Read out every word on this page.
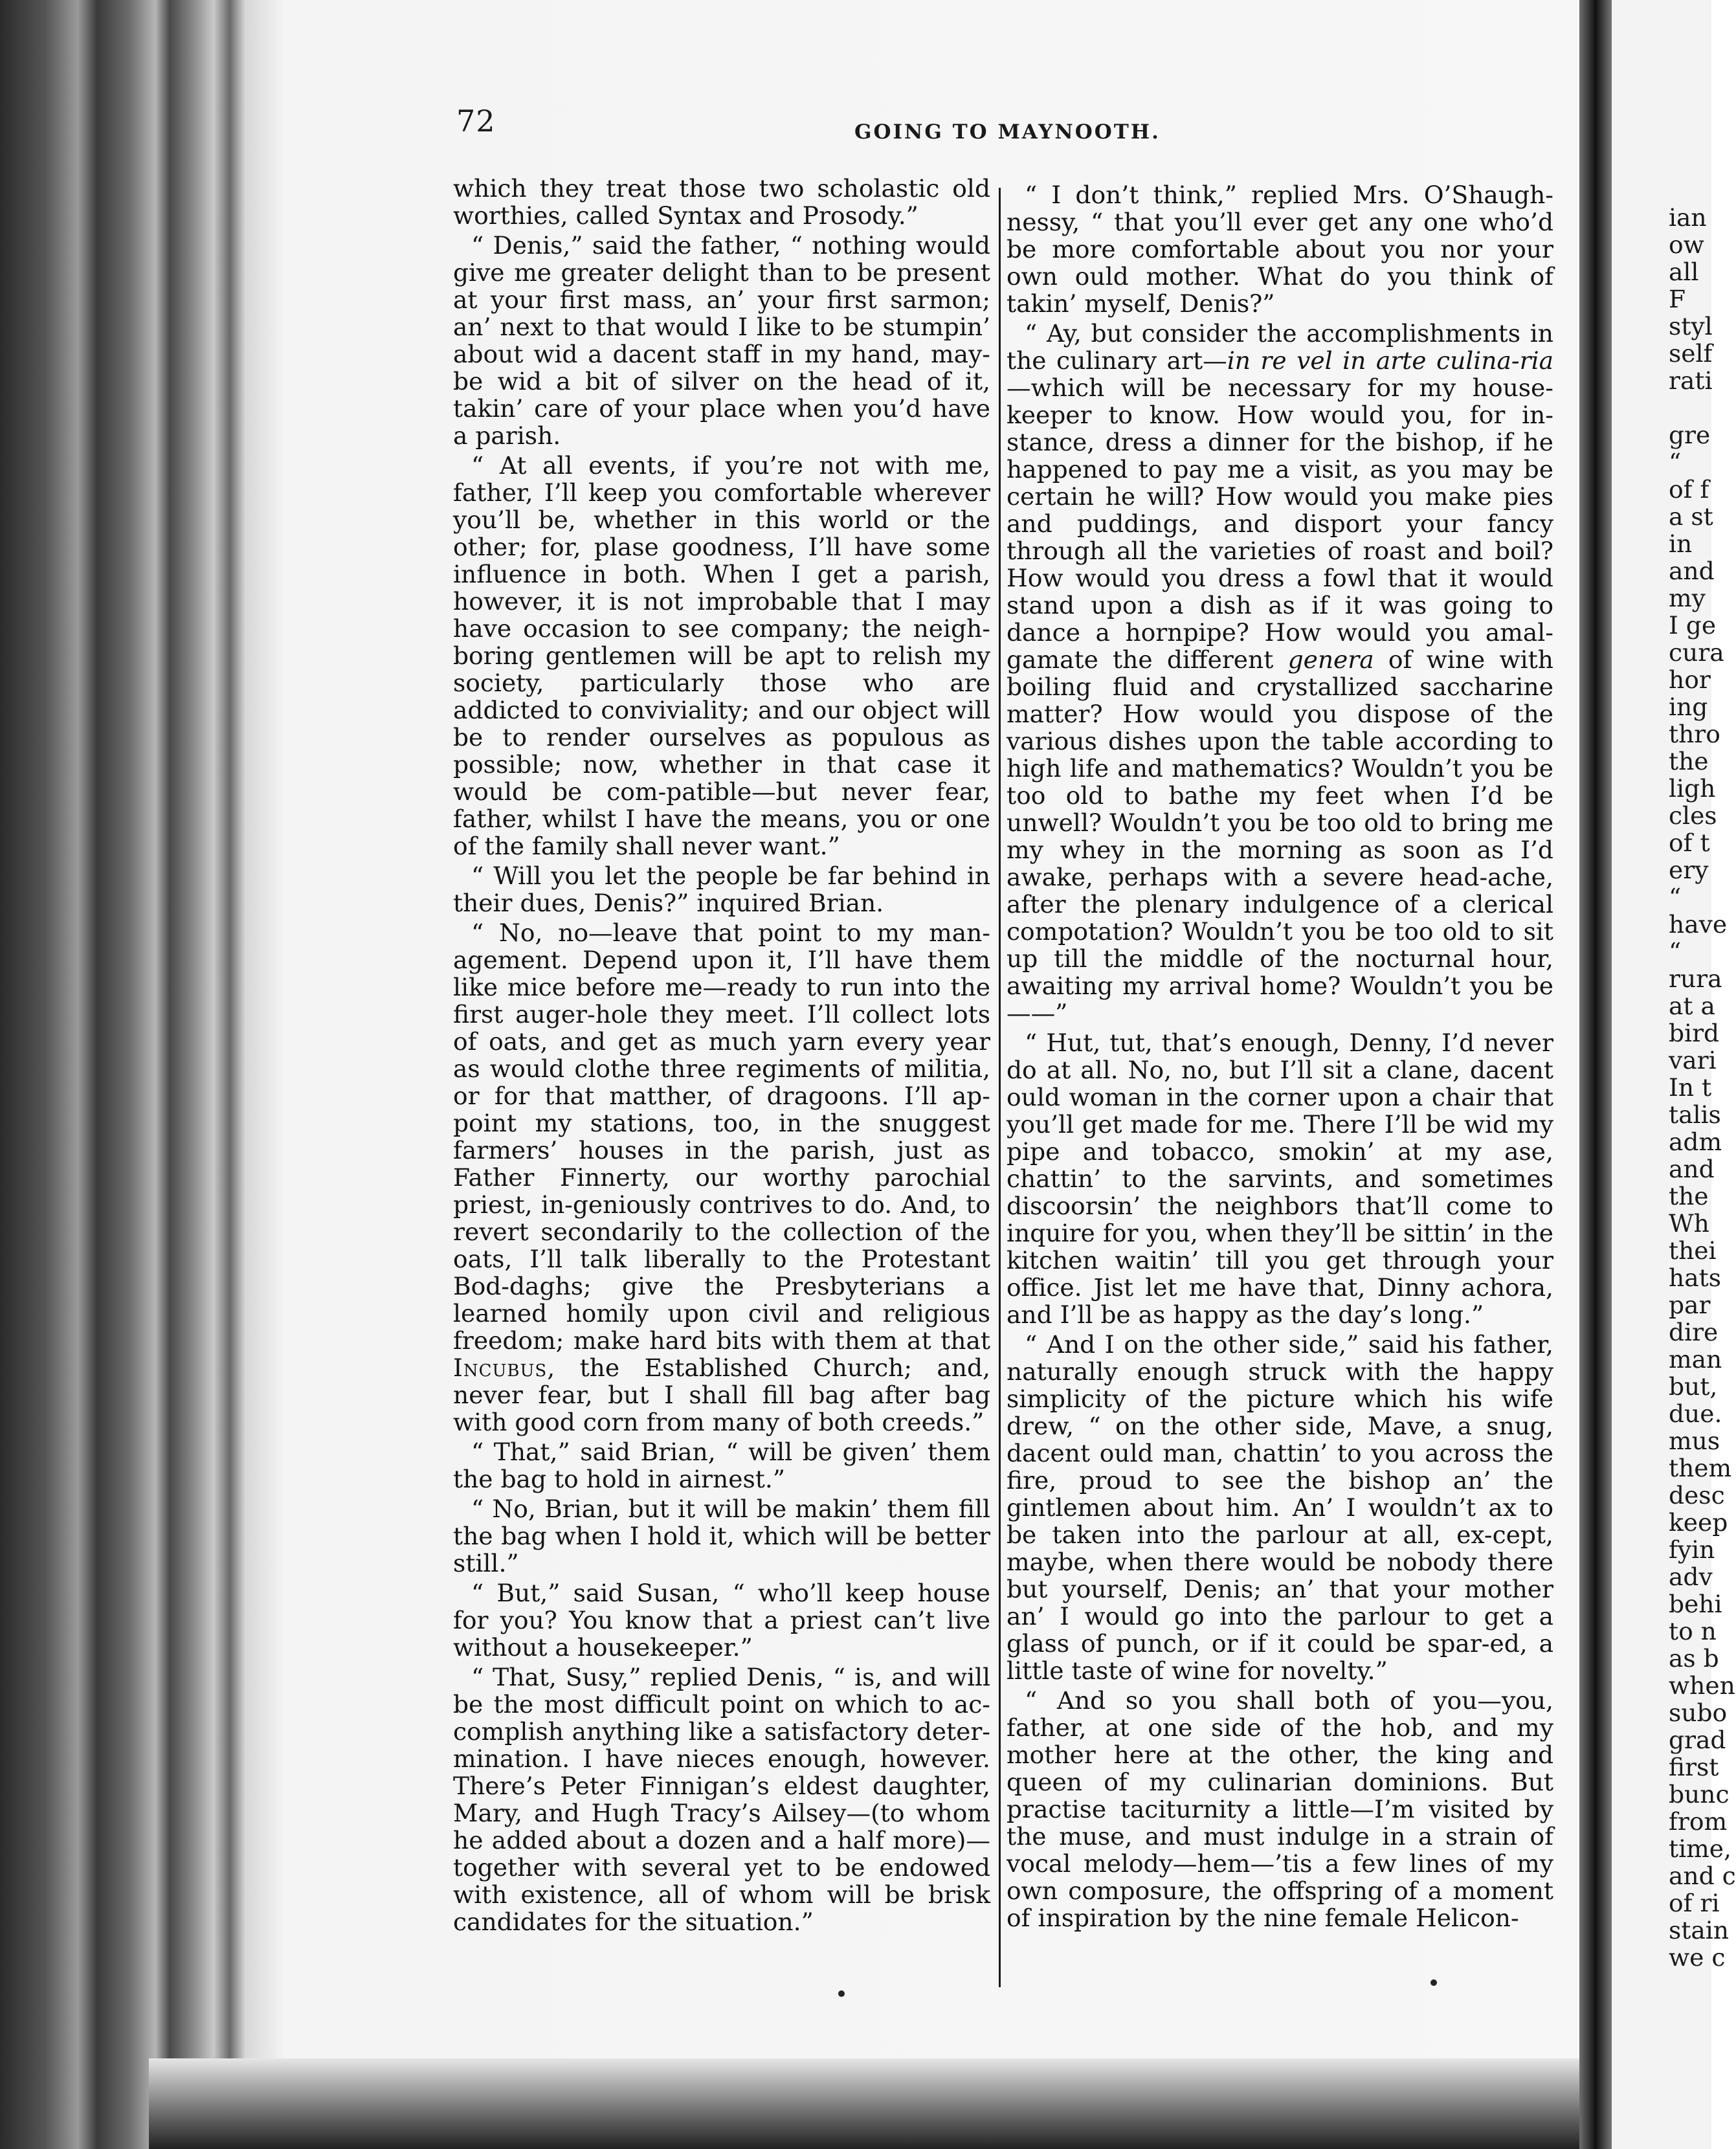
72	GOING TO MAYNOOTH.

which they treat those two scholastic old worthies, called Syntax and Prosody.”

“ Denis,” said the father, “ nothing would give me greater delight than to be present at your first mass, an’ your first sarmon; an’ next to that would I like to be stumpin’ about wid a dacent staff in my hand, may-be wid a bit of silver on the head of it, takin’ care of your place when you’d have a parish.

“ At all events, if you’re not with me, father, I’ll keep you comfortable wherever you’ll be, whether in this world or the other; for, plase goodness, I’ll have some influence in both. When I get a parish, however, it is not improbable that I may have occasion to see company; the neigh-boring gentlemen will be apt to relish my society, particularly those who are addicted to conviviality; and our object will be to render ourselves as populous as possible; now, whether in that case it would be com-patible—but never fear, father, whilst I have the means, you or one of the family shall never want.”

“ Will you let the people be far behind in their dues, Denis?” inquired Brian.

“ No, no—leave that point to my man-agement. Depend upon it, I’ll have them like mice before me—ready to run into the first auger-hole they meet. I’ll collect lots of oats, and get as much yarn every year as would clothe three regiments of militia, or for that matther, of dragoons. I’ll ap-point my stations, too, in the snuggest farmers’ houses in the parish, just as Father Finnerty, our worthy parochial priest, in-geniously contrives to do. And, to revert secondarily to the collection of the oats, I’ll talk liberally to the Protestant Bod-daghs; give the Presbyterians a learned homily upon civil and religious freedom; make hard bits with them at that Incubus, the Established Church; and, never fear, but I shall fill bag after bag with good corn from many of both creeds.”

“ That,” said Brian, “ will be given’ them the bag to hold in airnest.”

“ No, Brian, but it will be makin’ them fill the bag when I hold it, which will be better still.”

“ But,” said Susan, “ who’ll keep house for you? You know that a priest can’t live without a housekeeper.”

“ That, Susy,” replied Denis, “ is, and will be the most difficult point on which to ac-complish anything like a satisfactory deter-mination. I have nieces enough, however. There’s Peter Finnigan’s eldest daughter, Mary, and Hugh Tracy’s Ailsey—(to whom he added about a dozen and a half more)—together with several yet to be endowed with existence, all of whom will be brisk candidates for the situation.”

“ I don’t think,” replied Mrs. O’Shaugh-nessy, “ that you’ll ever get any one who’d be more comfortable about you nor your own ould mother. What do you think of takin’ myself, Denis?”

“ Ay, but consider the accomplishments in the culinary art—in re vel in arte culina-ria—which will be necessary for my house-keeper to know. How would you, for in-stance, dress a dinner for the bishop, if he happened to pay me a visit, as you may be certain he will? How would you make pies and puddings, and disport your fancy through all the varieties of roast and boil? How would you dress a fowl that it would stand upon a dish as if it was going to dance a hornpipe? How would you amal-gamate the different genera of wine with boiling fluid and crystallized saccharine matter? How would you dispose of the various dishes upon the table according to high life and mathematics? Wouldn’t you be too old to bathe my feet when I’d be unwell? Wouldn’t you be too old to bring me my whey in the morning as soon as I’d awake, perhaps with a severe head-ache, after the plenary indulgence of a clerical compotation? Wouldn’t you be too old to sit up till the middle of the nocturnal hour, awaiting my arrival home? Wouldn’t you be——”

“ Hut, tut, that’s enough, Denny, I’d never do at all. No, no, but I’ll sit a clane, dacent ould woman in the corner upon a chair that you’ll get made for me. There I’ll be wid my pipe and tobacco, smokin’ at my ase, chattin’ to the sarvints, and sometimes discoorsin’ the neighbors that’ll come to inquire for you, when they’ll be sittin’ in the kitchen waitin’ till you get through your office. Jist let me have that, Dinny achora, and I’ll be as happy as the day’s long.”

“ And I on the other side,” said his father, naturally enough struck with the happy simplicity of the picture which his wife drew, “ on the other side, Mave, a snug, dacent ould man, chattin’ to you across the fire, proud to see the bishop an’ the gintlemen about him. An’ I wouldn’t ax to be taken into the parlour at all, ex-cept, maybe, when there would be nobody there but yourself, Denis; an’ that your mother an’ I would go into the parlour to get a glass of punch, or if it could be spar-ed, a little taste of wine for novelty.”

“ And so you shall both of you—you, father, at one side of the hob, and my mother here at the other, the king and queen of my culinarian dominions. But practise taciturnity a little—I’m visited by the muse, and must indulge in a strain of vocal melody—hem—’tis a few lines of my own composure, the offspring of a moment of inspiration by the nine female Helicon-

ian
ow
all
F
styl
self
rati
gre
“
of f
a st
in
and
my
I ge
cura
hor
ing
thro
the
ligh
cles
of t
ery
“
have
“
rura
at a
bird
vari
In t
talis
adm
and
the
Wh
thei
hats
par
dire
man
but,
due.
mus
them
desc
keep
fyin
adv
behi
to n
as b
when
subo
grad
first
bunc
from
time,
and c
of ri
stain
we c
